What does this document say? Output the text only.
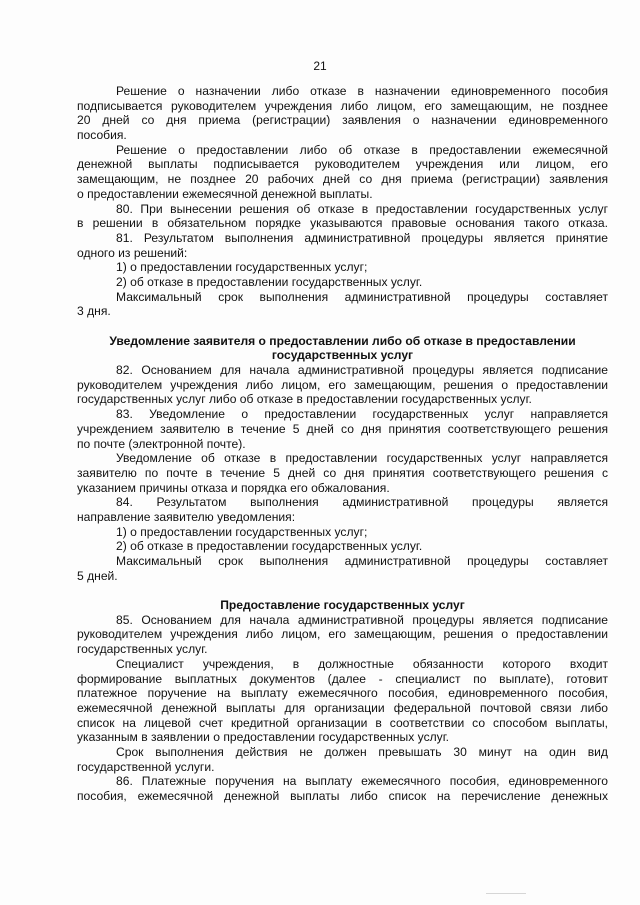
21
Решение о назначении либо отказе в назначении единовременного пособия
подписывается руководителем учреждения либо лицом, его замещающим, не позднее
20 дней со дня приема (регистрации) заявления о назначении единовременного
пособия.
Решение о предоставлении либо об отказе в предоставлении ежемесячной
денежной выплаты подписывается руководителем учреждения или лицом, его
замещающим, не позднее 20 рабочих дней со дня приема (регистрации) заявления
о предоставлении ежемесячной денежной выплаты.
80. При вынесении решения об отказе в предоставлении государственных услуг
в решении в обязательном порядке указываются правовые основания такого отказа.
81. Результатом выполнения административной процедуры является принятие
одного из решений:
1) о предоставлении государственных услуг;
2) об отказе в предоставлении государственных услуг.
Максимальный срок выполнения административной процедуры составляет
3 дня.
Уведомление заявителя о предоставлении либо об отказе в предоставлении
государственных услуг
82. Основанием для начала административной процедуры является подписание
руководителем учреждения либо лицом, его замещающим, решения о предоставлении
государственных услуг либо об отказе в предоставлении государственных услуг.
83. Уведомление о предоставлении государственных услуг направляется
учреждением заявителю в течение 5 дней со дня принятия соответствующего решения
по почте (электронной почте).
Уведомление об отказе в предоставлении государственных услуг направляется
заявителю по почте в течение 5 дней со дня принятия соответствующего решения с
указанием причины отказа и порядка его обжалования.
84. Результатом выполнения административной процедуры является
направление заявителю уведомления:
1) о предоставлении государственных услуг;
2) об отказе в предоставлении государственных услуг.
Максимальный срок выполнения административной процедуры составляет
5 дней.
Предоставление государственных услуг
85. Основанием для начала административной процедуры является подписание
руководителем учреждения либо лицом, его замещающим, решения о предоставлении
государственных услуг.
Специалист учреждения, в должностные обязанности которого входит
формирование выплатных документов (далее - специалист по выплате), готовит
платежное поручение на выплату ежемесячного пособия, единовременного пособия,
ежемесячной денежной выплаты для организации федеральной почтовой связи либо
список на лицевой счет кредитной организации в соответствии со способом выплаты,
указанным в заявлении о предоставлении государственных услуг.
Срок выполнения действия не должен превышать 30 минут на один вид
государственной услуги.
86. Платежные поручения на выплату ежемесячного пособия, единовременного
пособия, ежемесячной денежной выплаты либо список на перечисление денежных
